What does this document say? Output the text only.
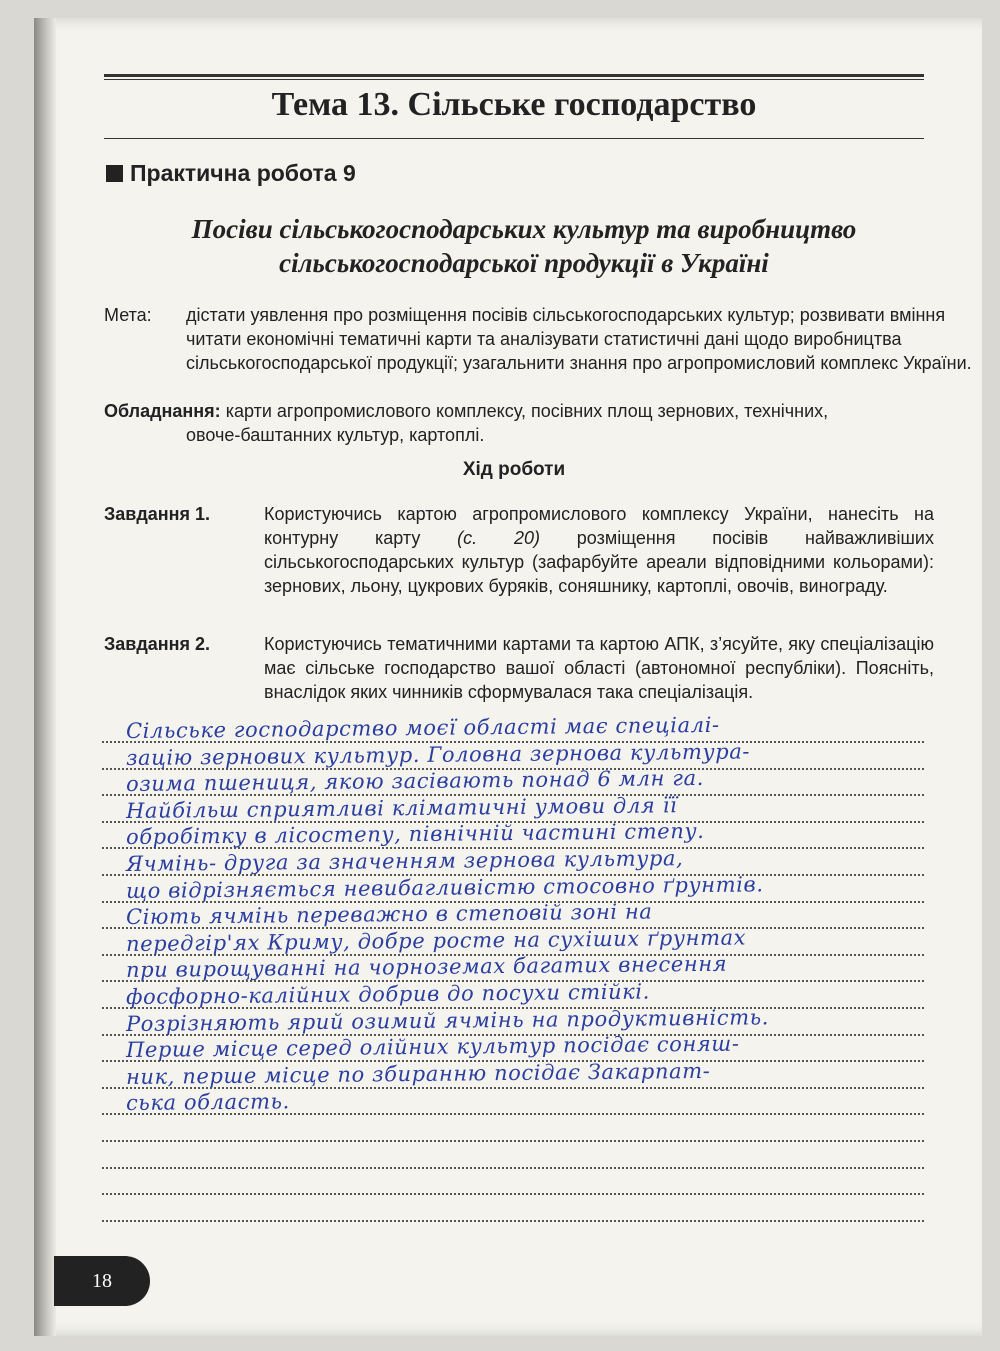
Тема 13. Сільське господарство
Практична робота 9
Посіви сільськогосподарських культур та виробництво
сільськогосподарської продукції в Україні
Мета:	дістати уявлення про розміщення посівів сільськогосподарських культур; розвивати вміння читати економічні тематичні карти та аналізувати статистичні дані щодо виробництва сільськогосподарської продукції; узагальнити знання про агропромисловий комплекс України.
Обладнання: карти агропромислового комплексу, посівних площ зернових, технічних,
овоче-баштанних культур, картоплі.
Хід роботи
Завдання 1.	Користуючись картою агропромислового комплексу України, нанесіть на контурну карту (с. 20) розміщення посівів найважливіших сільськогосподарських культур (зафарбуйте ареали відповідними кольорами): зернових, льону, цукрових буряків, соняшнику, картоплі, овочів, винограду.
Завдання 2.	Користуючись тематичними картами та картою АПК, з’ясуйте, яку спеціалізацію має сільське господарство вашої області (автономної республіки). Поясніть, внаслідок яких чинників сформувалася така спеціалізація.
Сільське господарство моєї області має спеціалі-
зацію зернових культур. Головна зернова культура-
озима пшениця, якою засівають понад 6 млн га.
Найбільш сприятливі кліматичні умови для її
обробітку в лісостепу, північній частині степу.
Ячмінь- друга за значенням зернова культура,
що відрізняється невибагливістю стосовно ґрунтів.
Сіють ячмінь переважно в степовій зоні на
передгір'ях Криму, добре росте на сухіших ґрунтах
при вирощуванні на чорноземах багатих внесення
фосфорно-калійних добрив до посухи стійкі.
Розрізняють ярий озимий ячмінь на продуктивність.
Перше місце серед олійних культур посідає соняш-
ник, перше місце по збиранню посідає Закарпат-
ська область.
18
